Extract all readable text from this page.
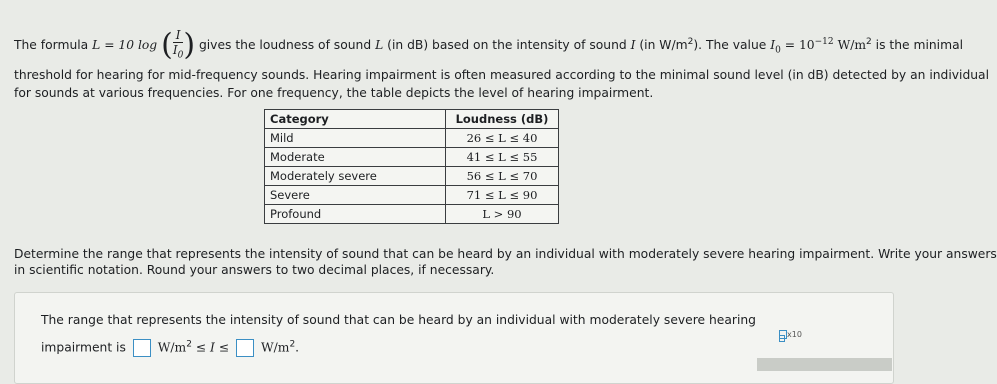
The formula L = 10 log ( $\frac{I}{I_0}$ ) gives the loudness of sound L (in dB) based on the intensity of sound I (in $W/m^2$). The value $I_0 = 10^{-12}$ $W/m^2$ is the minimal
threshold for hearing for mid-frequency sounds. Hearing impairment is often measured according to the minimal sound level (in dB) detected by an individual
for sounds at various frequencies. For one frequency, the table depicts the level of hearing impairment.
Category	Loudness (dB)
Mild	26 ≤ L ≤ 40
Moderate	41 ≤ L ≤ 55
Moderately severe	56 ≤ L ≤ 70
Severe	71 ≤ L ≤ 90
Profound	L > 90
Determine the range that represents the intensity of sound that can be heard by an individual with moderately severe hearing impairment. Write your answers
in scientific notation. Round your answers to two decimal places, if necessary.
The range that represents the intensity of sound that can be heard by an individual with moderately severe hearing
impairment is	$W/m^2 \le I$ ≤	$W/m^2$.
x10
